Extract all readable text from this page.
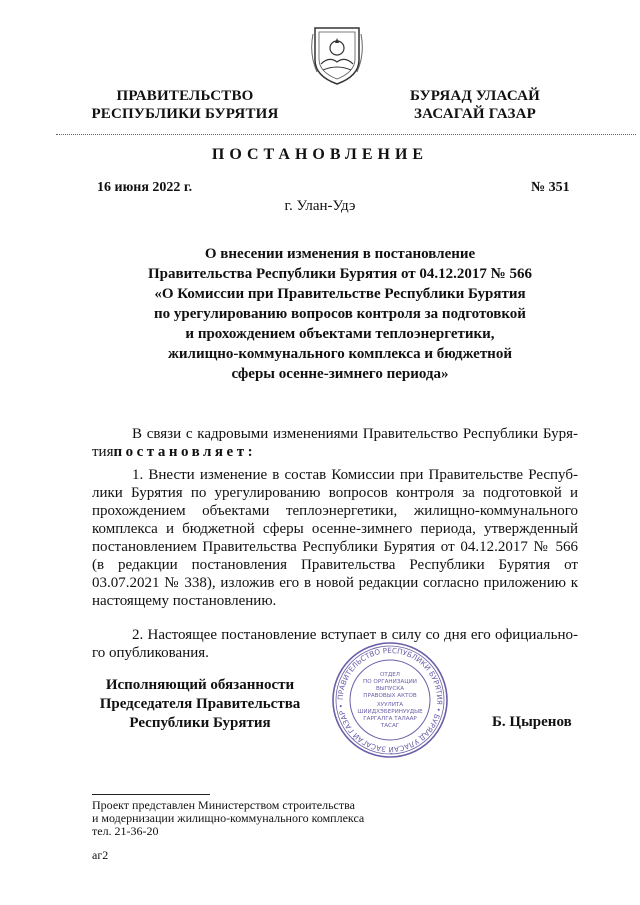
ПРАВИТЕЛЬСТВО
РЕСПУБЛИКИ БУРЯТИЯ
БУРЯАД УЛАСАЙ
ЗАСАГАЙ ГАЗАР
ПОСТАНОВЛЕНИЕ
16 июня 2022 г.	№ 351
г. Улан-Удэ
О внесении изменения в постановление
Правительства Республики Бурятия от 04.12.2017 № 566
«О Комиссии при Правительстве Республики Бурятия
по урегулированию вопросов контроля за подготовкой
и прохождением объектами теплоэнергетики,
жилищно-коммунального комплекса и бюджетной
сферы осенне-зимнего периода»
В связи с кадровыми изменениями Правительство Республики Буря-
тияпостановляет:
1. Внести изменение в состав Комиссии при Правительстве Респуб-
лики Бурятия по урегулированию вопросов контроля за подготовкой и
прохождением объектами теплоэнергетики, жилищно-коммунального
комплекса и бюджетной сферы осенне-зимнего периода, утвержденный
постановлением Правительства Республики Бурятия от 04.12.2017 № 566
(в редакции постановления Правительства Республики Бурятия от
03.07.2021 № 338), изложив его в новой редакции согласно приложению к
настоящему постановлению.
2. Настоящее постановление вступает в силу со дня его официально-
го опубликования.
ПРАВИТЕЛЬСТВО РЕСПУБЛИКИ БУРЯТИЯ • БУРЯАД УЛАСАЙ ЗАСАГАЙ ГАЗАР •
ОТДЕЛ
ПО ОРГАНИЗАЦИИ
ВЫПУСКА
ПРАВОВЫХ АКТОВ
ХУУЛИТА
ШИИДХЭБЕРИНУУДЫЕ
ГАРГАЛГА ТАЛААР
ТАСАГ
Исполняющий обязанности
Председателя Правительства
Республики Бурятия	Б. Цыренов
Проект представлен Министерством строительства
и модернизации жилищно-коммунального комплекса
тел. 21-36-20
аг2
